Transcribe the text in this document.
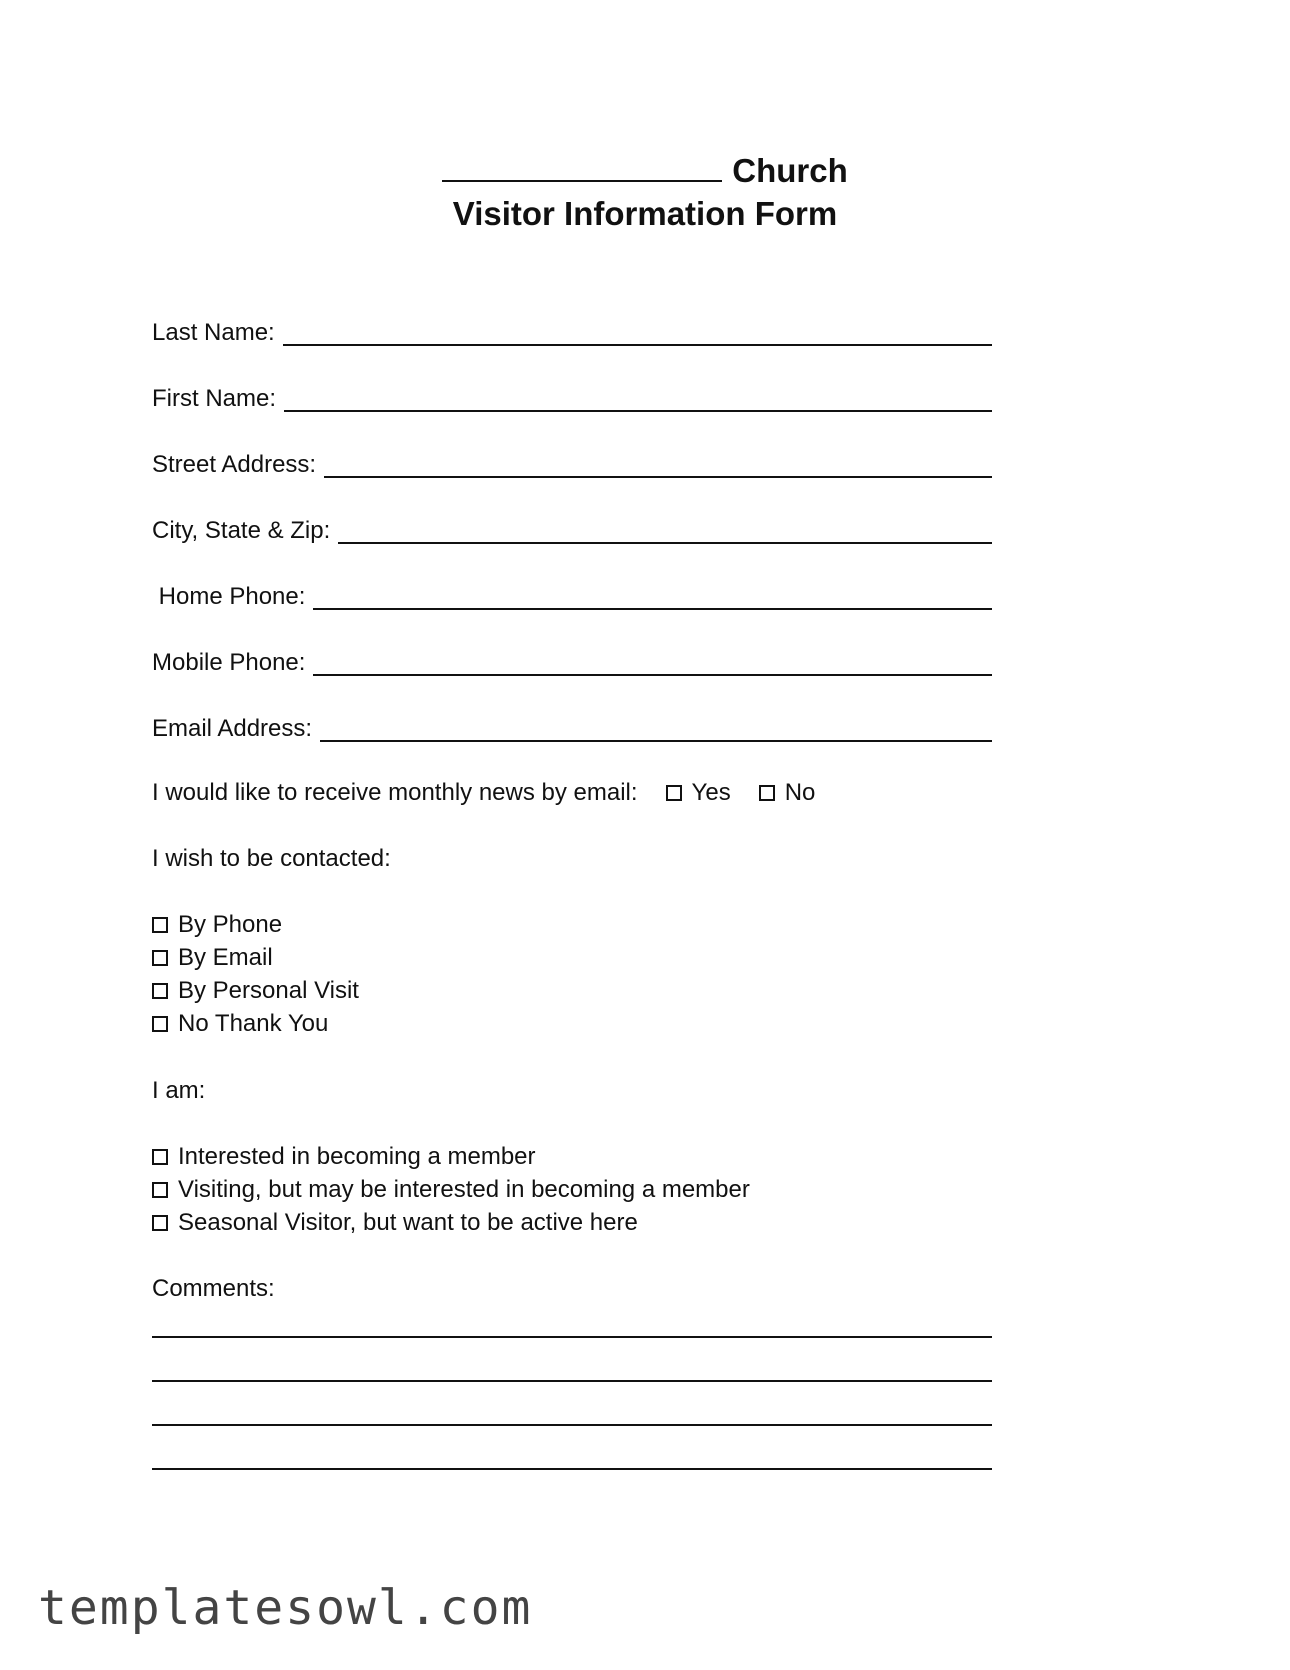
Church
Visitor Information Form
Last Name:
First Name:
Street Address:
City, State & Zip:
Home Phone:
Mobile Phone:
Email Address:
I would like to receive monthly news by email: Yes No
I wish to be contacted:
By Phone
By Email
By Personal Visit
No Thank You
I am:
Interested in becoming a member
Visiting, but may be interested in becoming a member
Seasonal Visitor, but want to be active here
Comments:
templatesowl.com
